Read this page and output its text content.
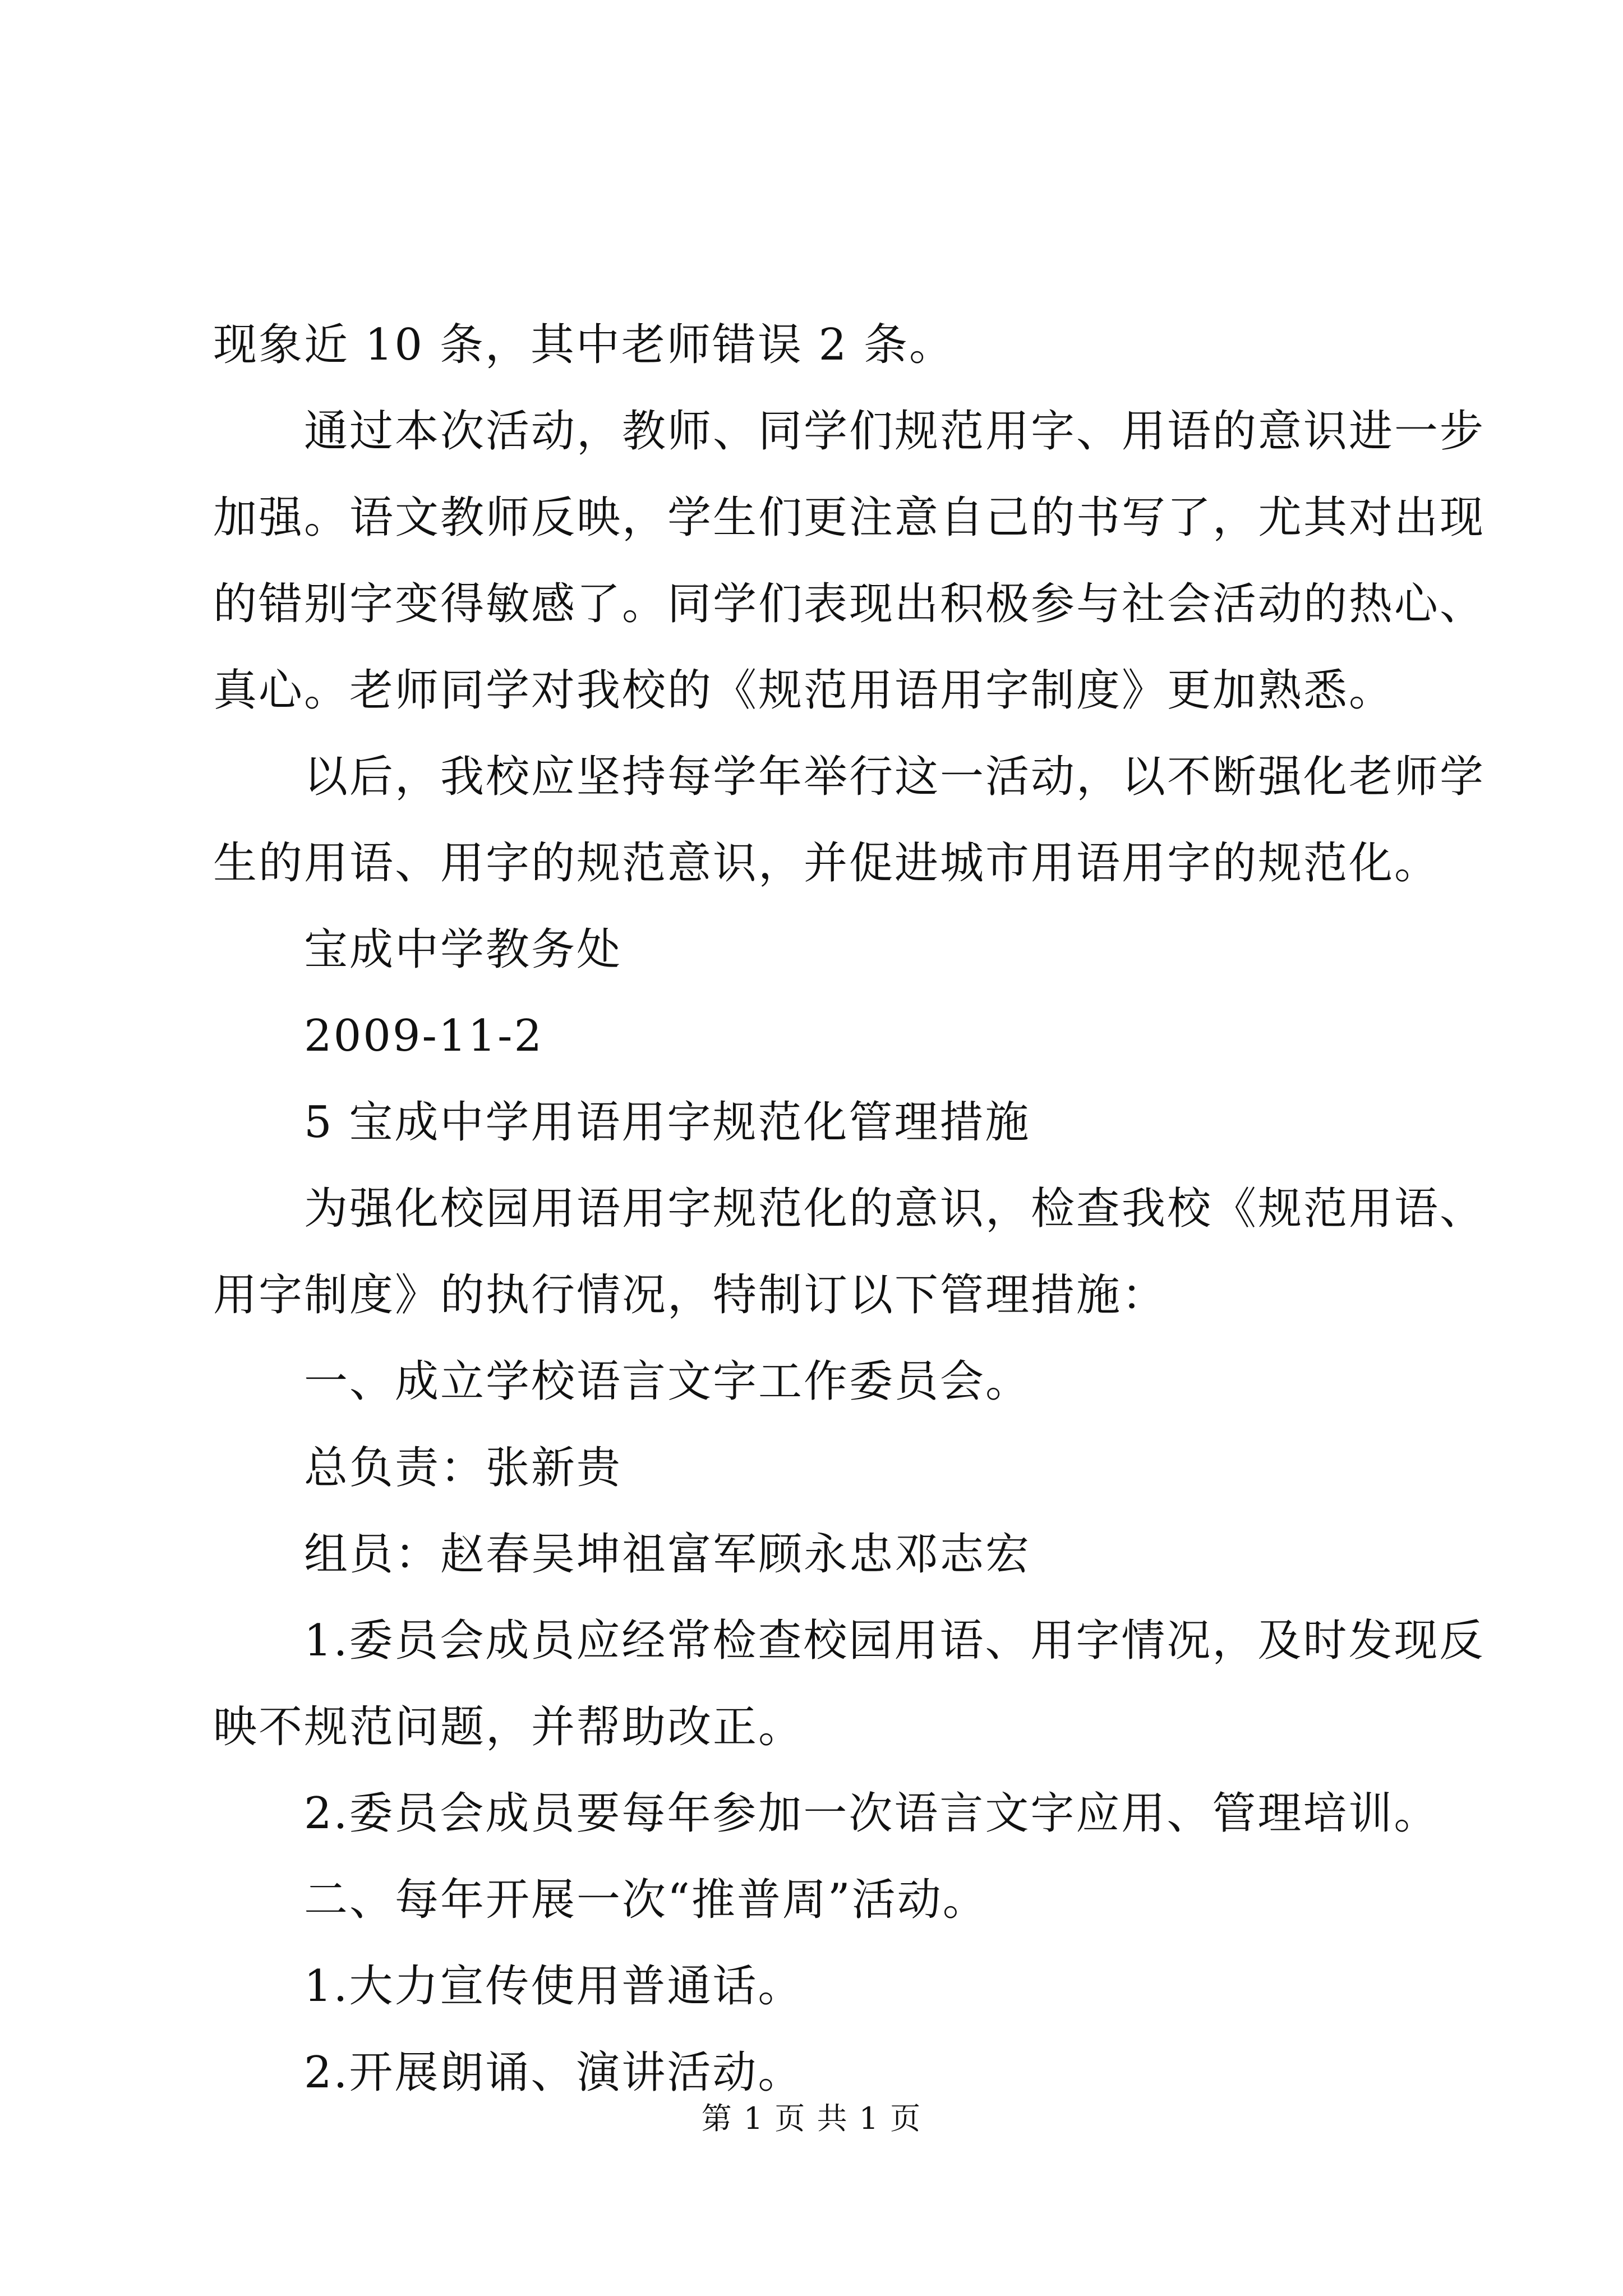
现象近 10 条，其中老师错误 2 条。

通过本次活动，教师、同学们规范用字、用语的意识进一步

加强。语文教师反映，学生们更注意自己的书写了，尤其对出现

的错别字变得敏感了。同学们表现出积极参与社会活动的热心、

真心。老师同学对我校的《规范用语用字制度》更加熟悉。

以后，我校应坚持每学年举行这一活动，以不断强化老师学

生的用语、用字的规范意识，并促进城市用语用字的规范化。

宝成中学教务处

2009-11-2

5 宝成中学用语用字规范化管理措施

为强化校园用语用字规范化的意识，检查我校《规范用语、

用字制度》的执行情况，特制订以下管理措施：

一、成立学校语言文字工作委员会。

总负责：张新贵

组员：赵春吴坤祖富军顾永忠邓志宏

1.委员会成员应经常检查校园用语、用字情况，及时发现反

映不规范问题，并帮助改正。

2.委员会成员要每年参加一次语言文字应用、管理培训。

二、每年开展一次“推普周”活动。

1.大力宣传使用普通话。

2.开展朗诵、演讲活动。

第 1 页 共 1 页
